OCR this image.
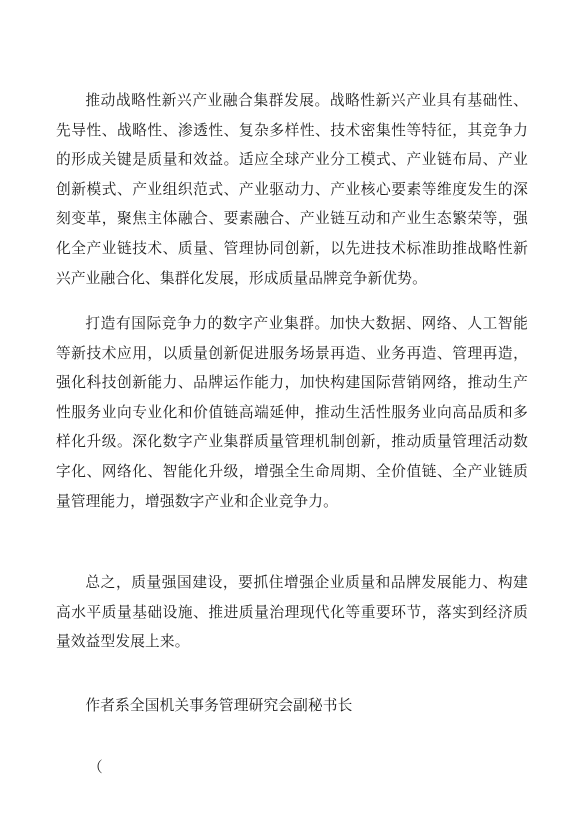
推动战略性新兴产业融合集群发展。战略性新兴产业具有基础性、先导性、战略性、渗透性、复杂多样性、技术密集性等特征，其竞争力的形成关键是质量和效益。适应全球产业分工模式、产业链布局、产业创新模式、产业组织范式、产业驱动力、产业核心要素等维度发生的深刻变革，聚焦主体融合、要素融合、产业链互动和产业生态繁荣等，强化全产业链技术、质量、管理协同创新，以先进技术标准助推战略性新兴产业融合化、集群化发展，形成质量品牌竞争新优势。

打造有国际竞争力的数字产业集群。加快大数据、网络、人工智能等新技术应用，以质量创新促进服务场景再造、业务再造、管理再造，强化科技创新能力、品牌运作能力，加快构建国际营销网络，推动生产性服务业向专业化和价值链高端延伸，推动生活性服务业向高品质和多样化升级。深化数字产业集群质量管理机制创新，推动质量管理活动数字化、网络化、智能化升级，增强全生命周期、全价值链、全产业链质量管理能力，增强数字产业和企业竞争力。

总之，质量强国建设，要抓住增强企业质量和品牌发展能力、构建高水平质量基础设施、推进质量治理现代化等重要环节，落实到经济质量效益型发展上来。

作者系全国机关事务管理研究会副秘书长

（
